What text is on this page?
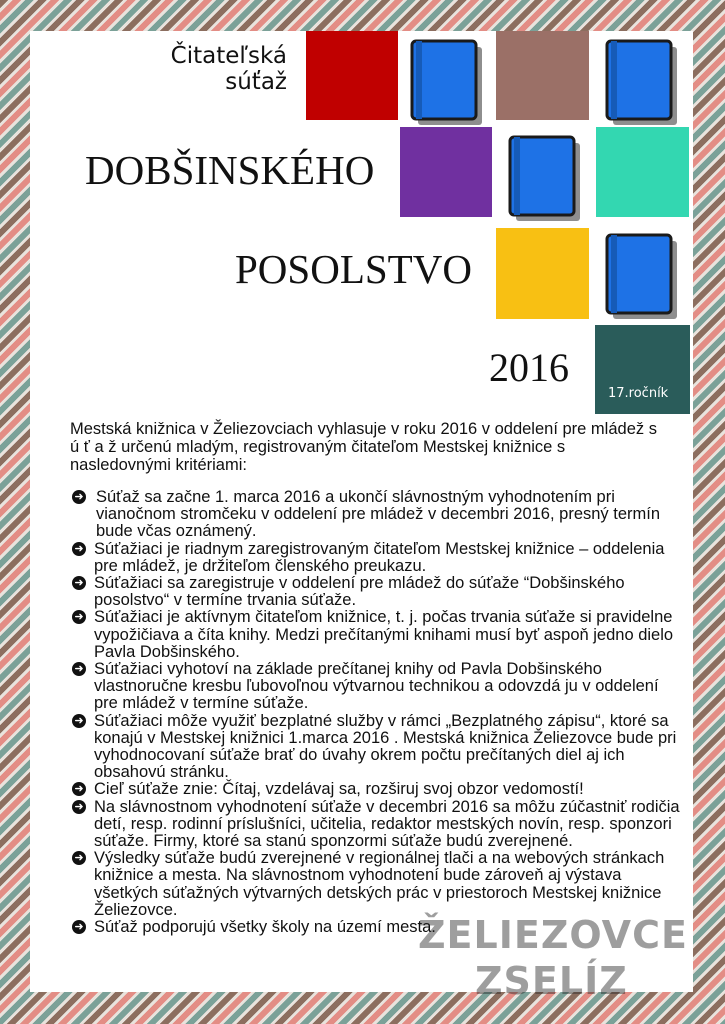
17.ročník
Čitateľská
súťaž
DOBŠINSKÉHO
POSOLSTVO
2016
Mestská knižnica v Želiezovciach vyhlasuje v roku 2016 v oddelení pre mládež s ú ť a ž určenú mladým, registrovaným čitateľom Mestskej knižnice s nasledovnými kritériami:
➜ Súťaž sa začne 1. marca 2016 a ukončí slávnostným vyhodnotením pri vianočnom stromčeku v oddelení pre mládež v decembri 2016, presný termín bude včas oznámený.
➜ Súťažiaci je riadnym zaregistrovaným čitateľom Mestskej knižnice – oddelenia pre mládež, je držiteľom členského preukazu.
➜ Súťažiaci sa zaregistruje v oddelení pre mládež do súťaže “Dobšinského posolstvo“ v termíne trvania súťaže.
➜ Súťažiaci je aktívnym čitateľom knižnice, t. j. počas trvania súťaže si pravidelne vypožičiava a číta knihy. Medzi prečítanými knihami musí byť aspoň jedno dielo Pavla Dobšinského.
➜ Súťažiaci vyhotoví na základe prečítanej knihy od Pavla Dobšinského vlastnoručne kresbu ľubovoľnou výtvarnou technikou a odovzdá ju v oddelení pre mládež v termíne súťaže.
➜ Súťažiaci môže využiť bezplatné služby v rámci „Bezplatného zápisu“, ktoré sa konajú v Mestskej knižnici 1.marca 2016 . Mestská knižnica Želiezovce bude pri vyhodnocovaní súťaže brať do úvahy okrem počtu prečítaných diel aj ich obsahovú stránku.
➜ Cieľ súťaže znie: Čítaj, vzdelávaj sa, rozširuj svoj obzor vedomostí!
➜ Na slávnostnom vyhodnotení súťaže v decembri 2016 sa môžu zúčastniť rodičia detí, resp. rodinní príslušníci, učitelia, redaktor mestských novín, resp. sponzori súťaže. Firmy, ktoré sa stanú sponzormi súťaže budú zverejnené.
➜ Výsledky súťaže budú zverejnené v regionálnej tlači a na webových stránkach knižnice a mesta. Na slávnostnom vyhodnotení bude zároveň aj výstava všetkých súťažných výtvarných detských prác v priestoroch Mestskej knižnice Želiezovce.
➜ Súťaž podporujú všetky školy na území mesta.
ŽELIEZOVCE
ZSELÍZ
